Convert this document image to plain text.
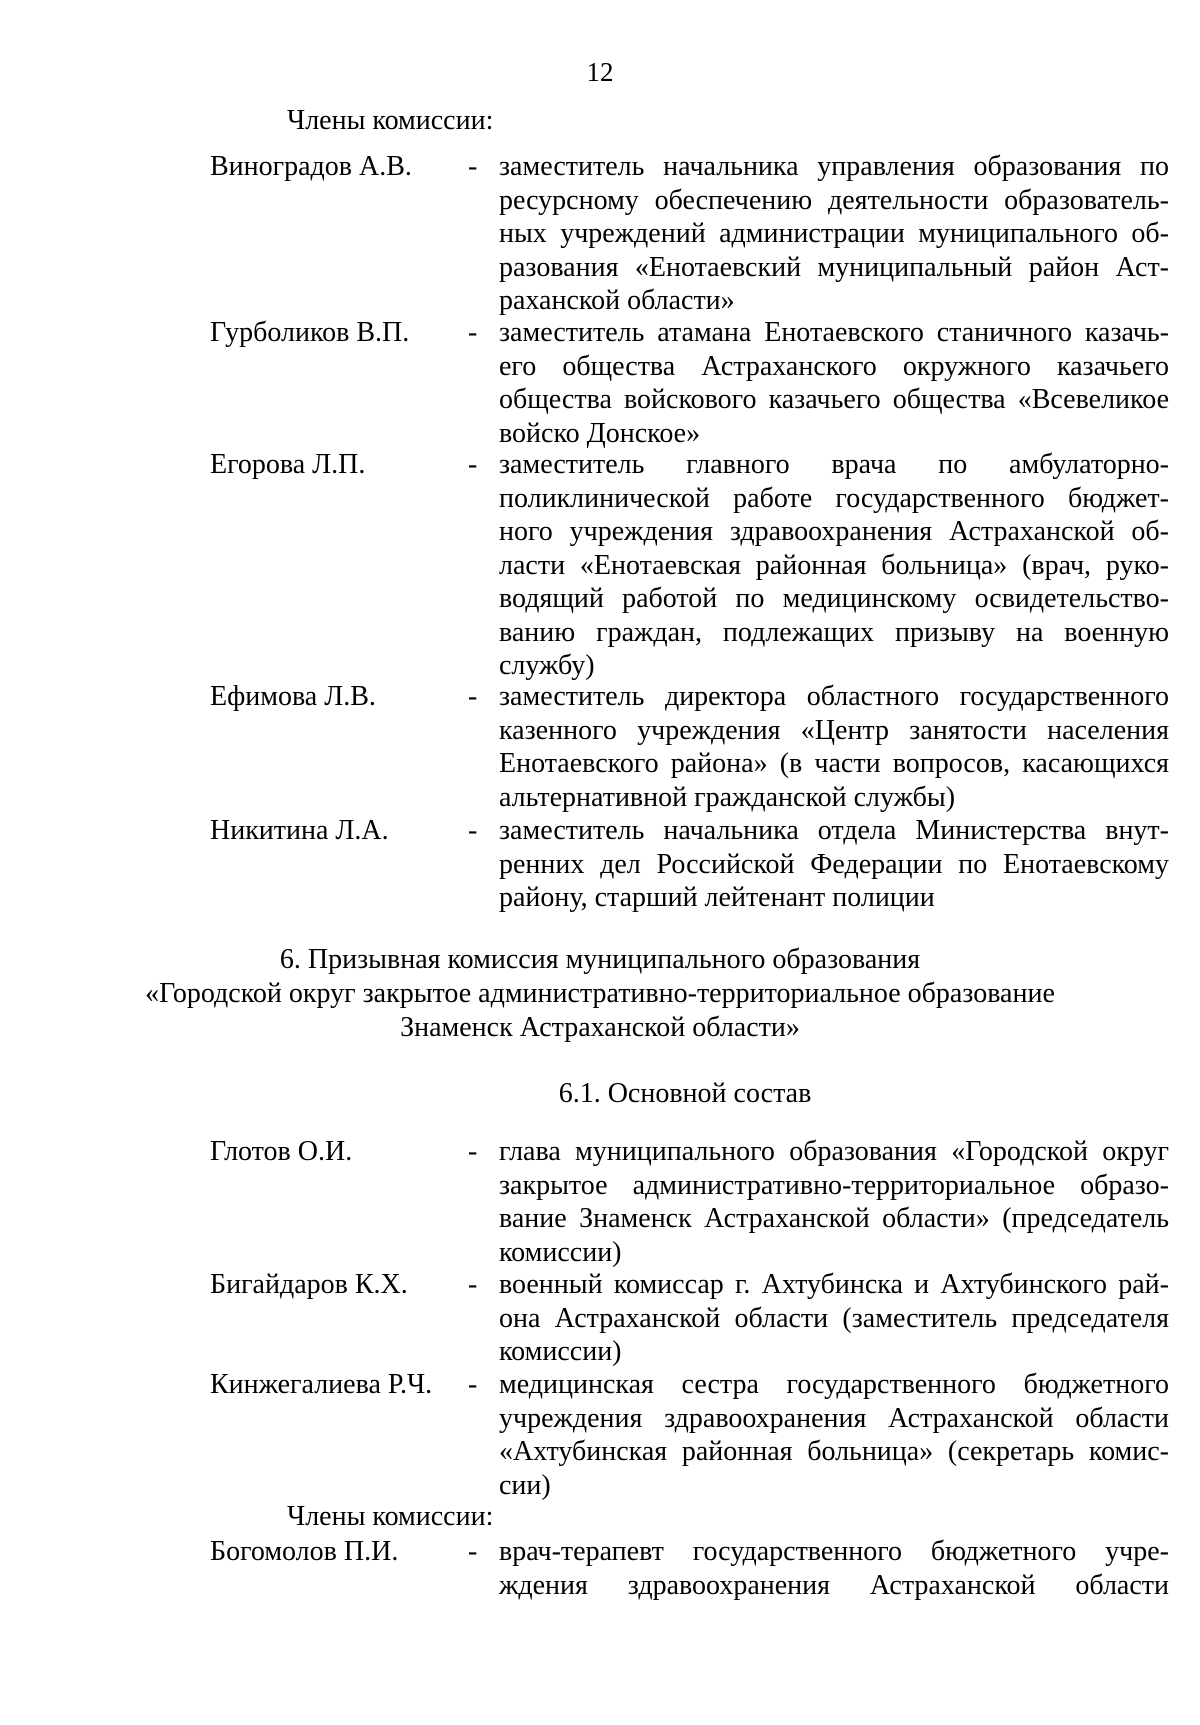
12
Члены комиссии:
Виноградов А.В. - заместитель начальника управления образования по
ресурсному обеспечению деятельности образователь-
ных учреждений администрации муниципального об-
разования «Енотаевский муниципальный район Аст-
раханской области»
Гурболиков В.П. - заместитель атамана Енотаевского станичного казачь-
его общества Астраханского окружного казачьего
общества войскового казачьего общества «Всевеликое
войско Донское»
Егорова Л.П.	- заместитель главного врача по амбулаторно-
поликлинической работе государственного бюджет-
ного учреждения здравоохранения Астраханской об-
ласти «Енотаевская районная больница» (врач, руко-
водящий работой по медицинскому освидетельство-
ванию граждан, подлежащих призыву на военную
службу)
Ефимова Л.В.	- заместитель директора областного государственного
казенного учреждения «Центр занятости населения
Енотаевского района» (в части вопросов, касающихся
альтернативной гражданской службы)
Никитина Л.А.	- заместитель начальника отдела Министерства внут-
ренних дел Российской Федерации по Енотаевскому
району, старший лейтенант полиции
6. Призывная комиссия муниципального образования
«Городской округ закрытое административно-территориальное образование
Знаменск Астраханской области»
6.1. Основной состав
Глотов О.И.	- глава муниципального образования «Городской округ
закрытое административно-территориальное образо-
вание Знаменск Астраханской области» (председатель
комиссии)
Бигайдаров К.Х. - военный комиссар г. Ахтубинска и Ахтубинского рай-
она Астраханской области (заместитель председателя
комиссии)
Кинжегалиева Р.Ч. - медицинская сестра государственного бюджетного
учреждения здравоохранения Астраханской области
«Ахтубинская районная больница» (секретарь комис-
сии)
Члены комиссии:
Богомолов П.И. - врач-терапевт государственного бюджетного учре-
ждения здравоохранения Астраханской области
